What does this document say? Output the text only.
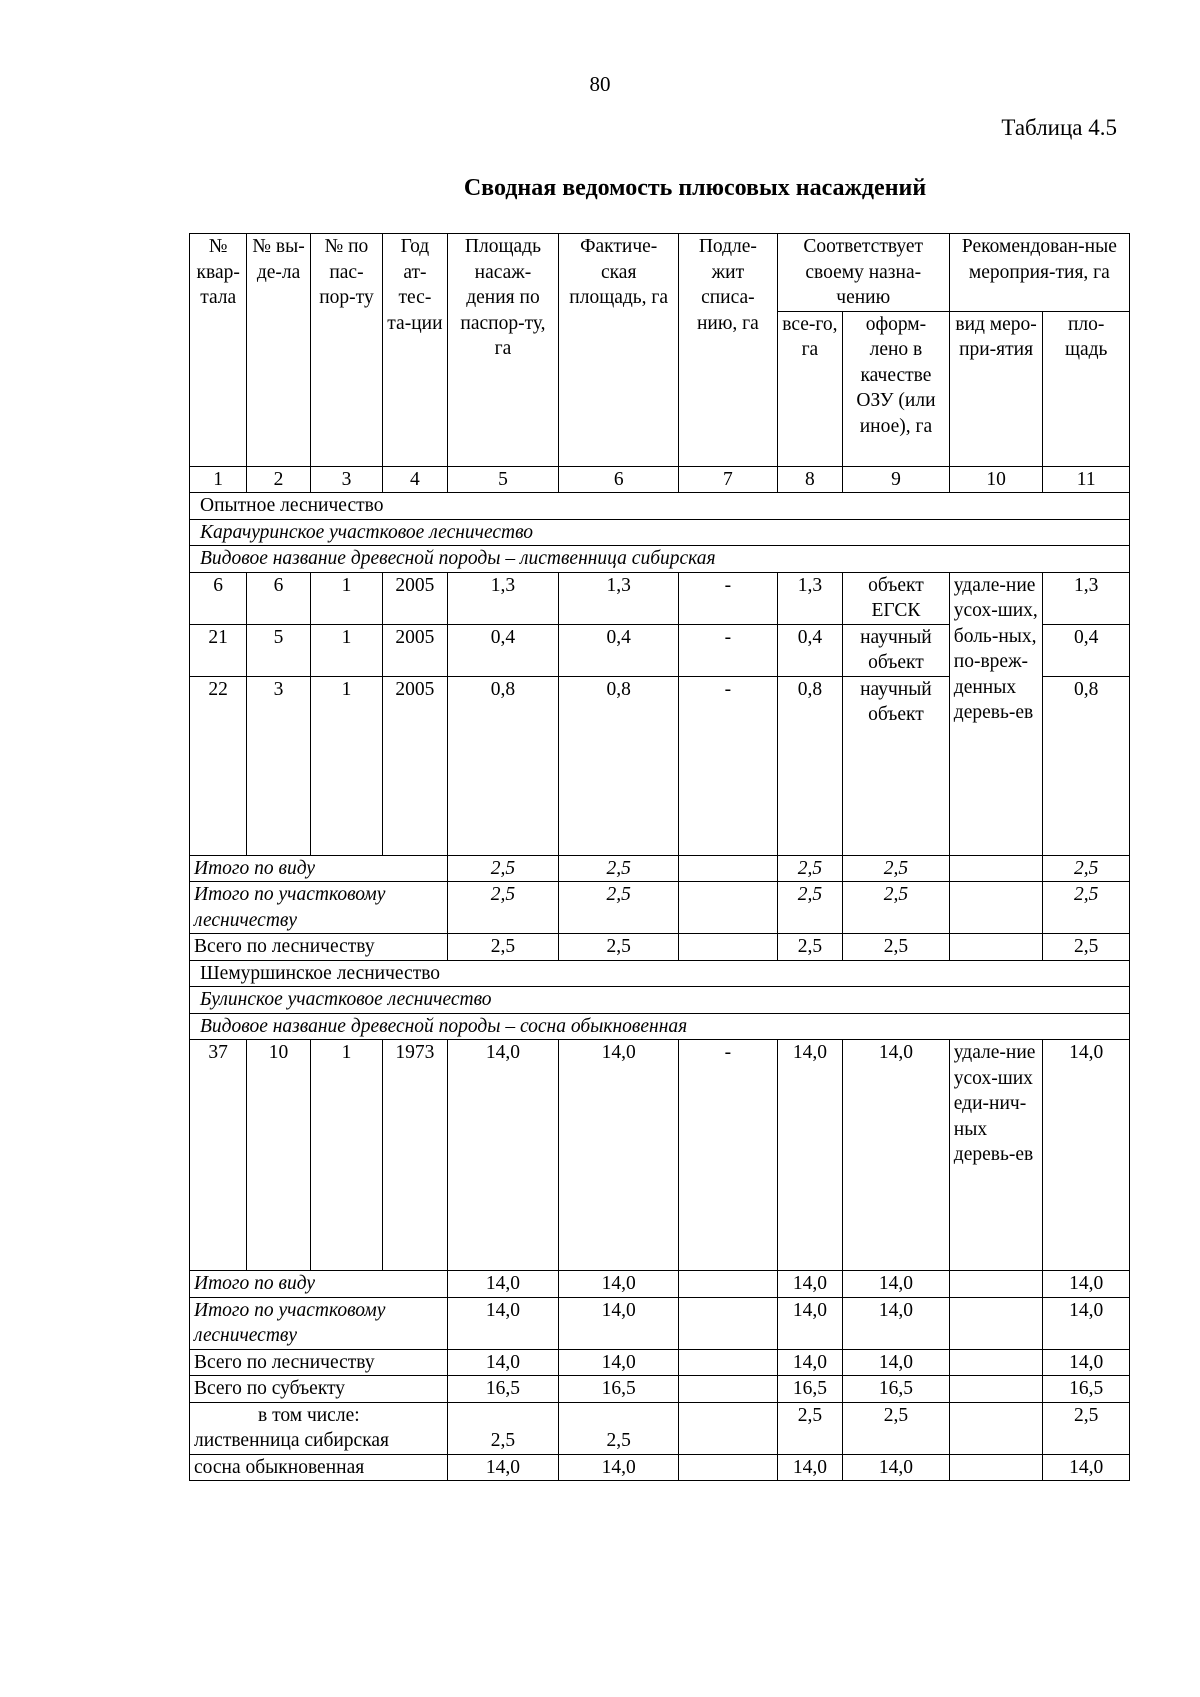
80
Таблица 4.5
Сводная ведомость плюсовых насаждений
№ квар-тала	№ вы-де-ла	№ по пас-пор-ту	Год ат-тес-та-ции	Площадь насаж-дения по паспор-ту, га	Фактиче-ская площадь, га	Подле-жит списа-нию, га	Соответствует своему назна-чению		Рекомендован-ные мероприя-тия, га	
							все-го, га	оформ-лено в качестве ОЗУ (или иное), га	вид меро-при-ятия	пло-щадь
1	2	3	4	5	6	7	8	9	10	11
Опытное лесничество										
Карачуринское участковое лесничество										
Видовое название древесной породы – лиственница сибирская										
6	6	1	2005	1,3	1,3	-	1,3	объект ЕГСК	удале-ние усох-ших, боль-ных, по-вреж-денных деревь-ев	1,3
21	5	1	2005	0,4	0,4	-	0,4	научный объект		0,4
22	3	1	2005	0,8	0,8	-	0,8	научный объект		0,8
Итого по виду				2,5	2,5		2,5	2,5		2,5
Итого по участковому лесничеству				2,5	2,5		2,5	2,5		2,5
Всего по лесничеству				2,5	2,5		2,5	2,5		2,5
Шемуршинское лесничество										
Булинское участковое лесничество										
Видовое название древесной породы – сосна обыкновенная										
37	10	1	1973	14,0	14,0	-	14,0	14,0	удале-ние усох-ших еди-нич-ных деревь-ев	14,0
Итого по виду				14,0	14,0		14,0	14,0		14,0
Итого по участковому лесничеству				14,0	14,0		14,0	14,0		14,0
Всего по лесничеству				14,0	14,0		14,0	14,0		14,0
Всего по субъекту				16,5	16,5		16,5	16,5		16,5

в том числе:
лиственница сибирская				2,5	2,5		2,5	2,5		2,5
сосна обыкновенная				14,0	14,0		14,0	14,0		14,0
